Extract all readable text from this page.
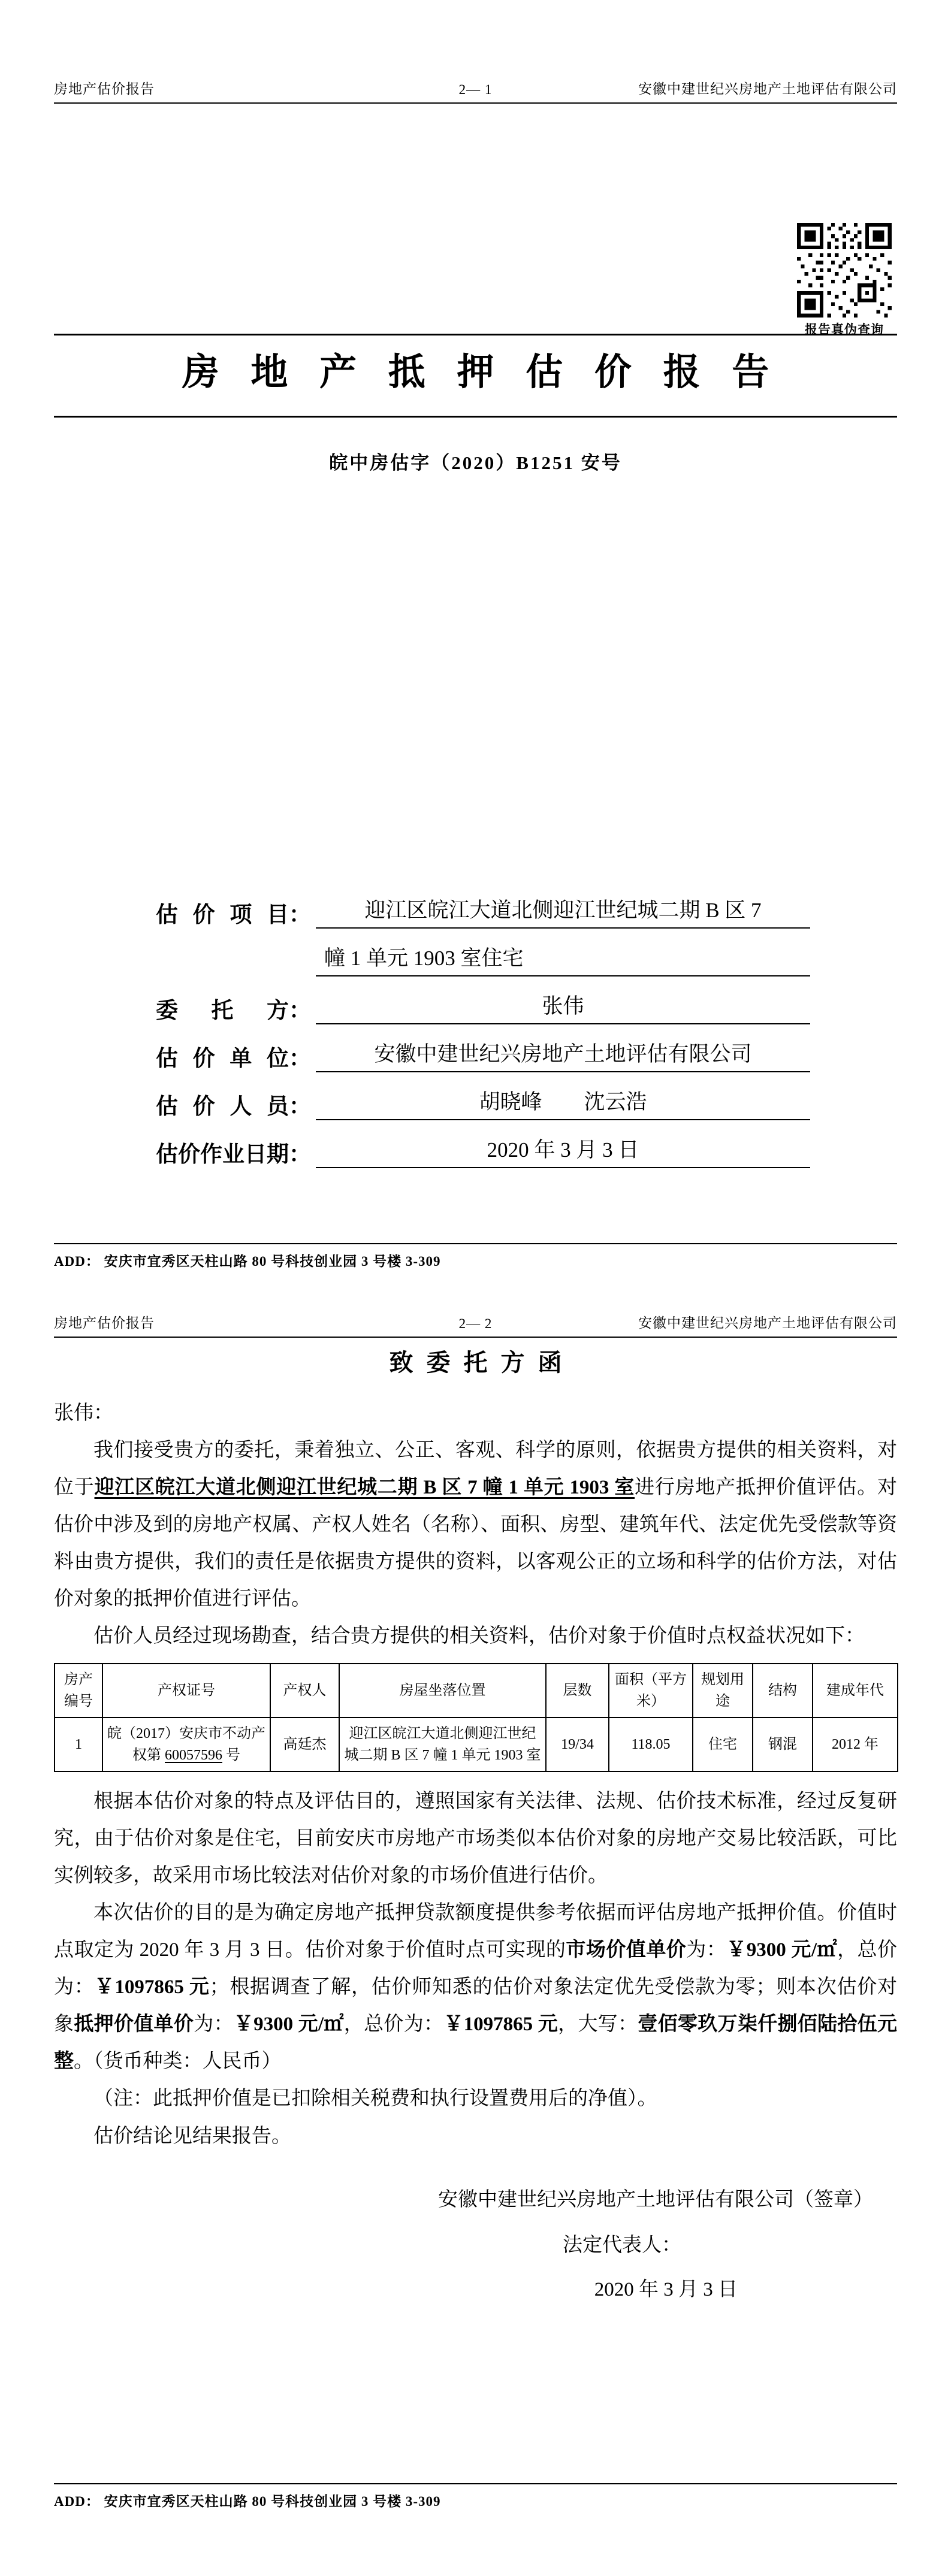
房地产估价报告	2— 1	安徽中建世纪兴房地产土地评估有限公司
报告真伪查询
房地产抵押估价报告
皖中房估字（2020）B1251 安号
估价项目 ：	迎江区皖江大道北侧迎江世纪城二期 B 区 7
幢 1 单元 1903 室住宅
委托方 ：	张伟
估价单位 ：	安徽中建世纪兴房地产土地评估有限公司
估价人员 ：	胡晓峰　　沈云浩
估价作业日期 ：	2020 年 3 月 3 日
ADD： 安庆市宜秀区天柱山路 80 号科技创业园 3 号楼 3-309
房地产估价报告	2— 2	安徽中建世纪兴房地产土地评估有限公司
致委托方函
张伟：

我们接受贵方的委托，秉着独立、公正、客观、科学的原则，依据贵方提供的相关资料，对位于迎江区皖江大道北侧迎江世纪城二期 B 区 7 幢 1 单元 1903 室进行房地产抵押价值评估。对估价中涉及到的房地产权属、产权人姓名（名称）、面积、房型、建筑年代、法定优先受偿款等资料由贵方提供，我们的责任是依据贵方提供的资料，以客观公正的立场和科学的估价方法，对估价对象的抵押价值进行评估。

估价人员经过现场勘查，结合贵方提供的相关资料，估价对象于价值时点权益状况如下：

房产编号	产权证号	产权人	房屋坐落位置	层数	面积（平方米）	规划用途	结构	建成年代
1	皖（2017）安庆市不动产权第 60057596 号	高廷杰	迎江区皖江大道北侧迎江世纪城二期 B 区 7 幢 1 单元 1903 室	19/34	118.05	住宅	钢混	2012 年

根据本估价对象的特点及评估目的，遵照国家有关法律、法规、估价技术标准，经过反复研究，由于估价对象是住宅，目前安庆市房地产市场类似本估价对象的房地产交易比较活跃，可比实例较多，故采用市场比较法对估价对象的市场价值进行估价。

本次估价的目的是为确定房地产抵押贷款额度提供参考依据而评估房地产抵押价值。价值时点取定为 2020 年 3 月 3 日。估价对象于价值时点可实现的市场价值单价为：￥9300 元/㎡，总价为：￥1097865 元；根据调查了解，估价师知悉的估价对象法定优先受偿款为零；则本次估价对象抵押价值单价为：￥9300 元/㎡，总价为：￥1097865 元，大写：壹佰零玖万柒仟捌佰陆拾伍元整。（货币种类：人民币）

（注：此抵押价值是已扣除相关税费和执行设置费用后的净值）。

估价结论见结果报告。

安徽中建世纪兴房地产土地评估有限公司（签章）
法定代表人：
2020 年 3 月 3 日
ADD： 安庆市宜秀区天柱山路 80 号科技创业园 3 号楼 3-309
